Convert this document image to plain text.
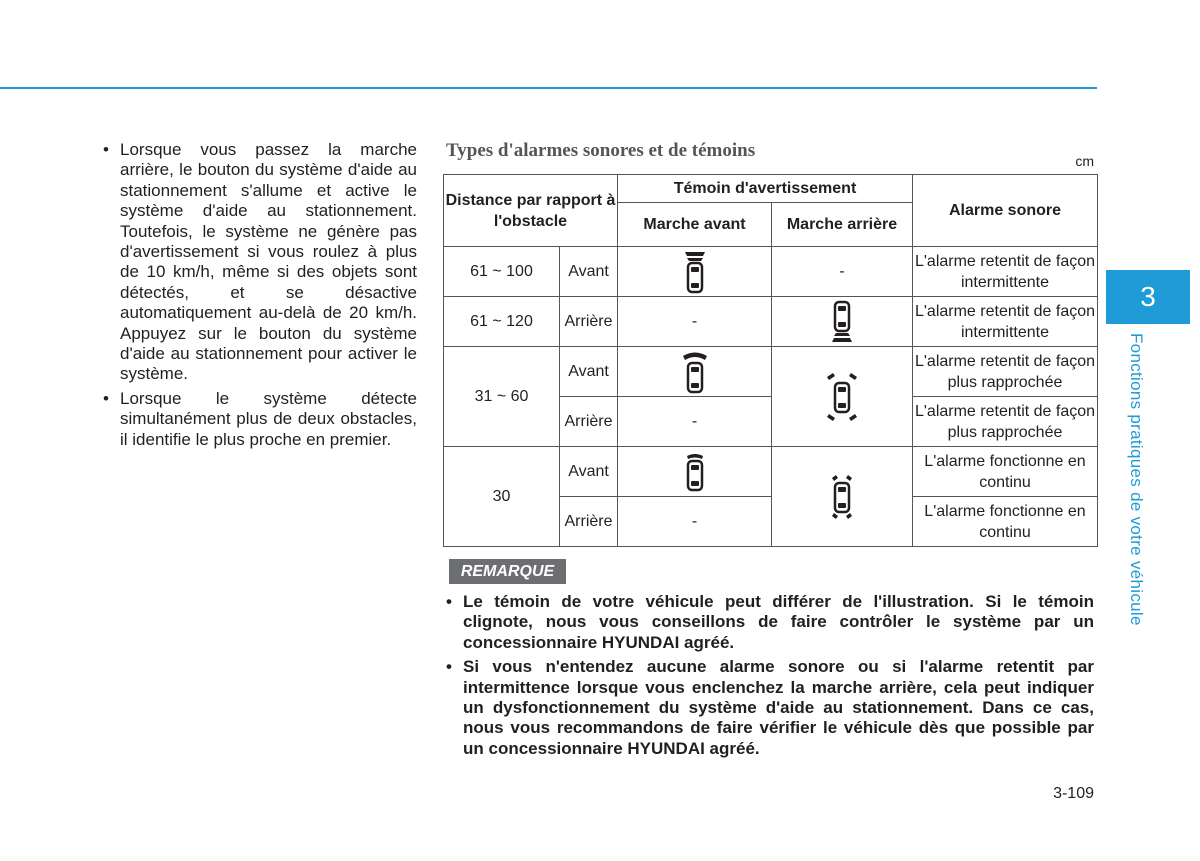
• Lorsque vous passez la marche arrière, le bouton du système d'aide au stationnement s'allume et active le système d'aide au stationnement. Toutefois, le système ne génère pas d'avertissement si vous roulez à plus de 10 km/h, même si des objets sont détectés, et se désactive automatiquement au-delà de 20 km/h. Appuyez sur le bouton du système d'aide au stationnement pour activer le système.
• Lorsque le système détecte simultanément plus de deux obstacles, il identifie le plus proche en premier.
Types d'alarmes sonores et de témoins	cm
Distance par rapport à l'obstacle		Témoin d'avertissement		Alarme sonore
		Marche avant	Marche arrière	
61 ~ 100	Avant		-	L'alarme retentit de façon intermittente
61 ~ 120	Arrière	-		L'alarme retentit de façon intermittente
31 ~ 60	Avant			L'alarme retentit de façon plus rapprochée
	Arrière	-		L'alarme retentit de façon plus rapprochée
30	Avant			L'alarme fonctionne en continu
	Arrière	-		L'alarme fonctionne en continu
REMARQUE
• Le témoin de votre véhicule peut différer de l'illustration. Si le témoin clignote, nous vous conseillons de faire contrôler le système par un concessionnaire HYUNDAI agréé.
• Si vous n'entendez aucune alarme sonore ou si l'alarme retentit par intermittence lorsque vous enclenchez la marche arrière, cela peut indiquer un dysfonctionnement du système d'aide au stationnement. Dans ce cas, nous vous recommandons de faire vérifier le véhicule dès que possible par un concessionnaire HYUNDAI agréé.
3
Fonctions pratiques de votre véhicule
3-109
